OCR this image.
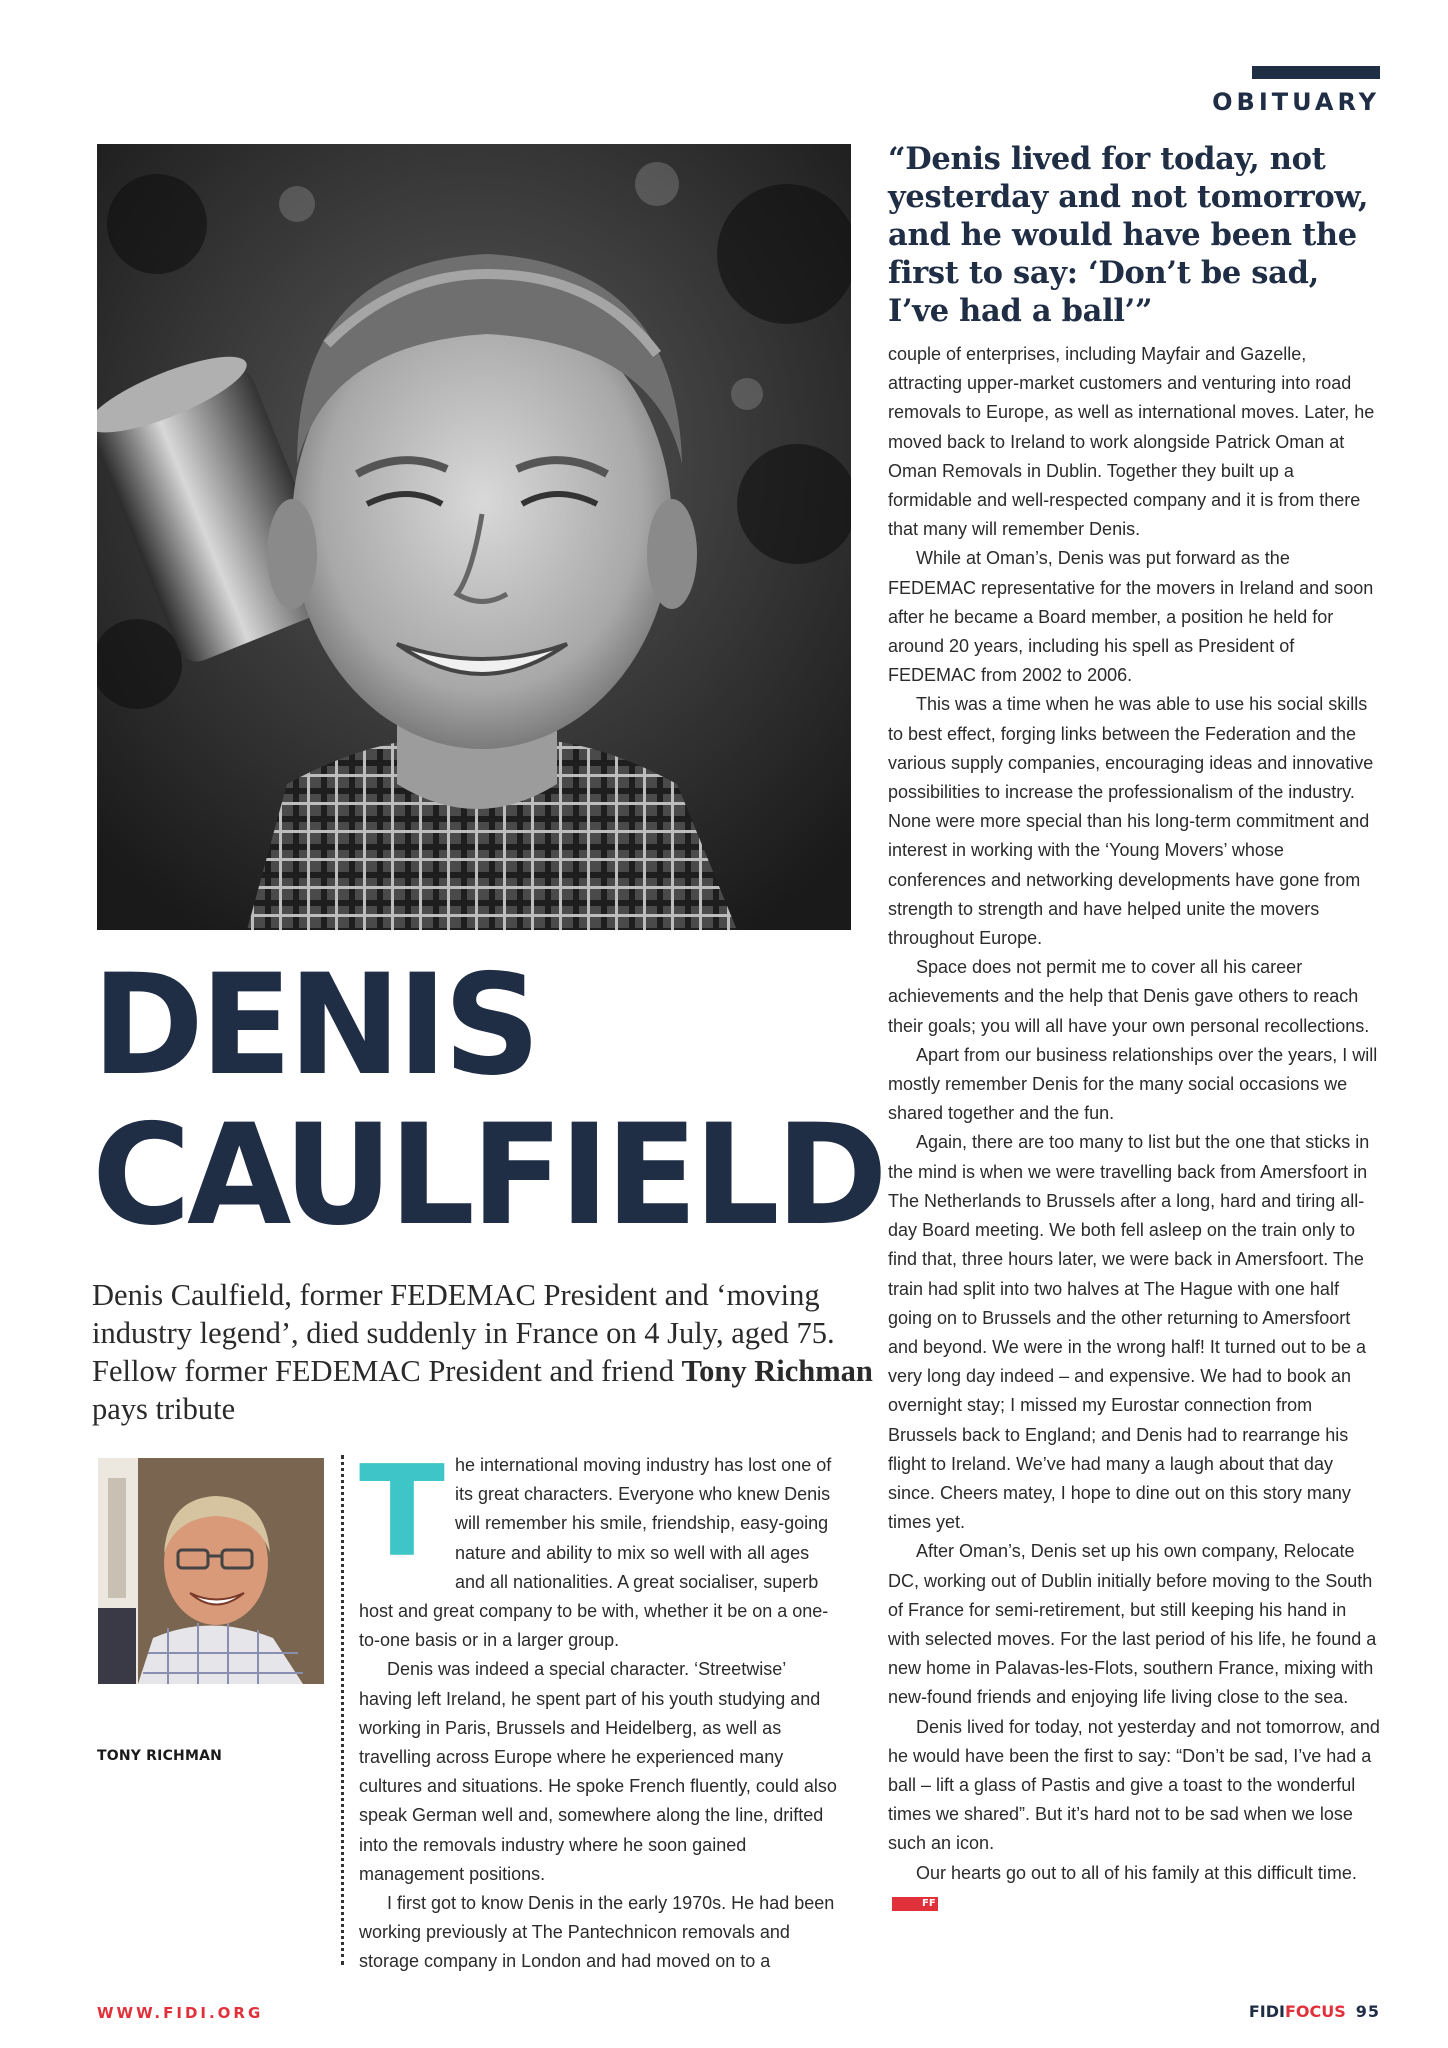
OBITUARY
“Denis lived for today, not yesterday and not tomorrow, and he would have been the first to say: ‘Don’t be sad, I’ve had a ball’”
DENIS
CAULFIELD
Denis Caulfield, former FEDEMAC President and ‘moving industry legend’, died suddenly in France on 4 July, aged 75. Fellow former FEDEMAC President and friend Tony Richman pays tribute
TONY RICHMAN
T he international moving industry has lost one of its great characters. Everyone who knew Denis will remember his smile, friendship, easy-going nature and ability to mix so well with all ages and all nationalities. A great socialiser, superb host and great company to be with, whether it be on a one-to-one basis or in a larger group.

Denis was indeed a special character. ‘Streetwise’ having left Ireland, he spent part of his youth studying and working in Paris, Brussels and Heidelberg, as well as travelling across Europe where he experienced many cultures and situations. He spoke French fluently, could also speak German well and, somewhere along the line, drifted into the removals industry where he soon gained management positions.

I first got to know Denis in the early 1970s. He had been working previously at The Pantechnicon removals and storage company in London and had moved on to a

couple of enterprises, including Mayfair and Gazelle, attracting upper-market customers and venturing into road removals to Europe, as well as international moves. Later, he moved back to Ireland to work alongside Patrick Oman at Oman Removals in Dublin. Together they built up a formidable and well-respected company and it is from there that many will remember Denis.

While at Oman’s, Denis was put forward as the FEDEMAC representative for the movers in Ireland and soon after he became a Board member, a position he held for around 20 years, including his spell as President of FEDEMAC from 2002 to 2006.

This was a time when he was able to use his social skills to best effect, forging links between the Federation and the various supply companies, encouraging ideas and innovative possibilities to increase the professionalism of the industry. None were more special than his long-term commitment and interest in working with the ‘Young Movers’ whose conferences and networking developments have gone from strength to strength and have helped unite the movers throughout Europe.

Space does not permit me to cover all his career achievements and the help that Denis gave others to reach their goals; you will all have your own personal recollections.

Apart from our business relationships over the years, I will mostly remember Denis for the many social occasions we shared together and the fun.

Again, there are too many to list but the one that sticks in the mind is when we were travelling back from Amersfoort in The Netherlands to Brussels after a long, hard and tiring all-day Board meeting. We both fell asleep on the train only to find that, three hours later, we were back in Amersfoort. The train had split into two halves at The Hague with one half going on to Brussels and the other returning to Amersfoort and beyond. We were in the wrong half! It turned out to be a very long day indeed – and expensive. We had to book an overnight stay; I missed my Eurostar connection from Brussels back to England; and Denis had to rearrange his flight to Ireland. We’ve had many a laugh about that day since. Cheers matey, I hope to dine out on this story many times yet.

After Oman’s, Denis set up his own company, Relocate DC, working out of Dublin initially before moving to the South of France for semi-retirement, but still keeping his hand in with selected moves. For the last period of his life, he found a new home in Palavas-les-Flots, southern France, mixing with new-found friends and enjoying life living close to the sea.

Denis lived for today, not yesterday and not tomorrow, and he would have been the first to say: “Don’t be sad, I’ve had a ball – lift a glass of Pastis and give a toast to the wonderful times we shared”. But it’s hard not to be sad when we lose such an icon.

Our hearts go out to all of his family at this difficult time.FF

WWW.FIDI.ORG	FIDIFOCUS 95
